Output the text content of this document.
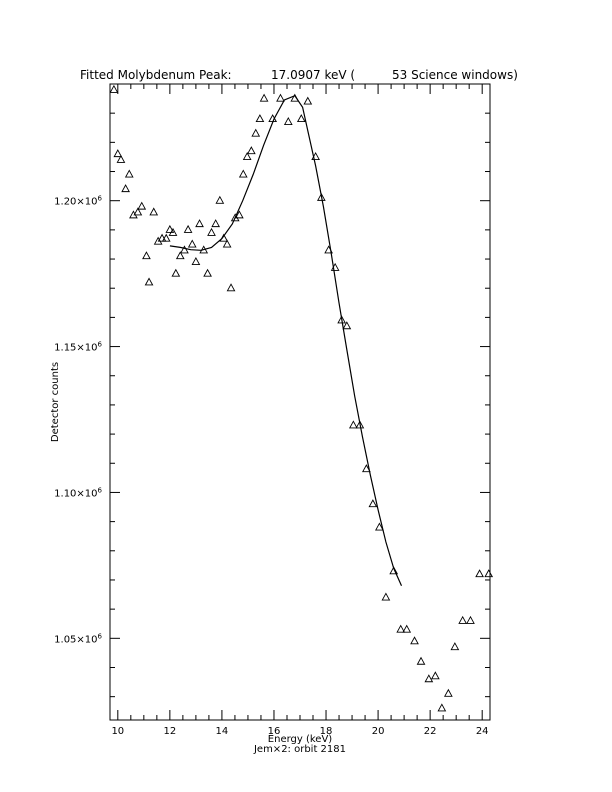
Fitted Molybdenum Peak:	17.0907 keV (	53 Science windows)
10	12	14	16	18	20	22	24
$1.05\times 10^6$
$1.10\times 10^6$
$1.15\times 10^6$
$1.20\times 10^6$
Energy (keV)
Jem×2: orbit 2181
Detector counts
